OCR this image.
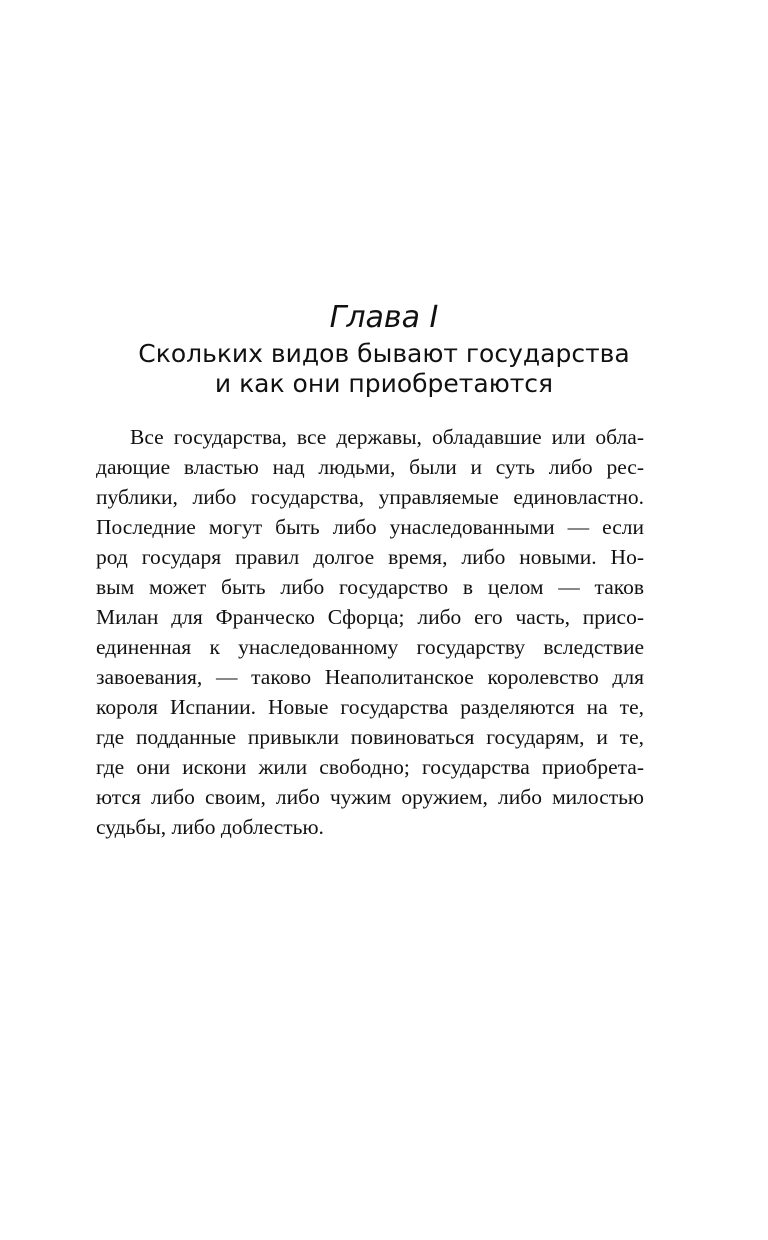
Глава I
Скольких видов бывают государства
и как они приобретаются
Все государства, все державы, обладавшие или обла-
дающие властью над людьми, были и суть либо рес-
публики, либо государства, управляемые единовластно.
Последние могут быть либо унаследованными — если
род государя правил долгое время, либо новыми. Но-
вым может быть либо государство в целом — таков
Милан для Франческо Сфорца; либо его часть, присо-
единенная к унаследованному государству вследствие
завоевания, — таково Неаполитанское королевство для
короля Испании. Новые государства разделяются на те,
где подданные привыкли повиноваться государям, и те,
где они искони жили свободно; государства приобрета-
ются либо своим, либо чужим оружием, либо милостью
судьбы, либо доблестью.
